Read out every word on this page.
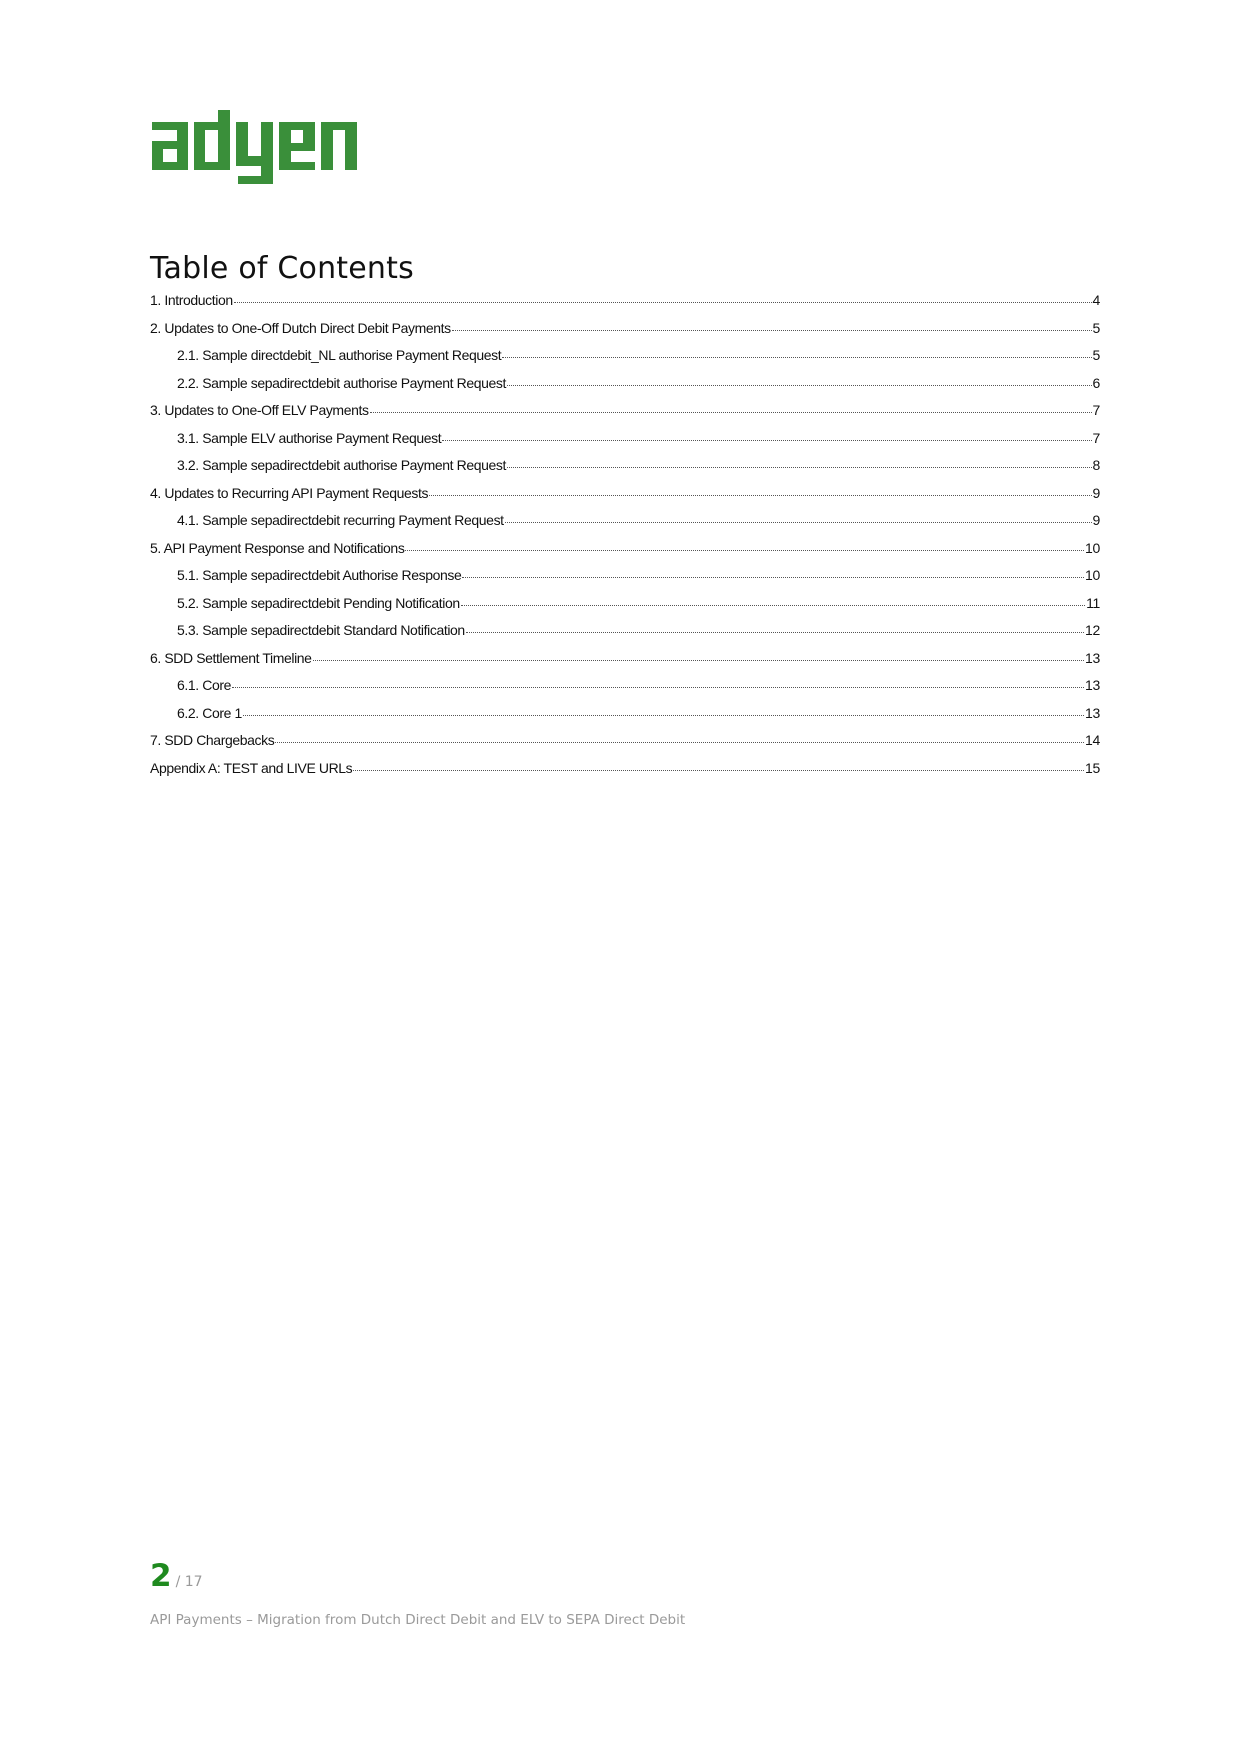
Table of Contents
1. Introduction	4
2. Updates to One-Off Dutch Direct Debit Payments	5
2.1. Sample directdebit_NL authorise Payment Request	5
2.2. Sample sepadirectdebit authorise Payment Request	6
3. Updates to One-Off ELV Payments	7
3.1. Sample ELV authorise Payment Request	7
3.2. Sample sepadirectdebit authorise Payment Request	8
4. Updates to Recurring API Payment Requests	9
4.1. Sample sepadirectdebit recurring Payment Request	9
5. API Payment Response and Notifications	10
5.1. Sample sepadirectdebit Authorise Response	10
5.2. Sample sepadirectdebit Pending Notification	11
5.3. Sample sepadirectdebit Standard Notification	12
6. SDD Settlement Timeline	13
6.1. Core	13
6.2. Core 1	13
7. SDD Chargebacks	14
Appendix A: TEST and LIVE URLs	15
2 / 17
API Payments – Migration from Dutch Direct Debit and ELV to SEPA Direct Debit
